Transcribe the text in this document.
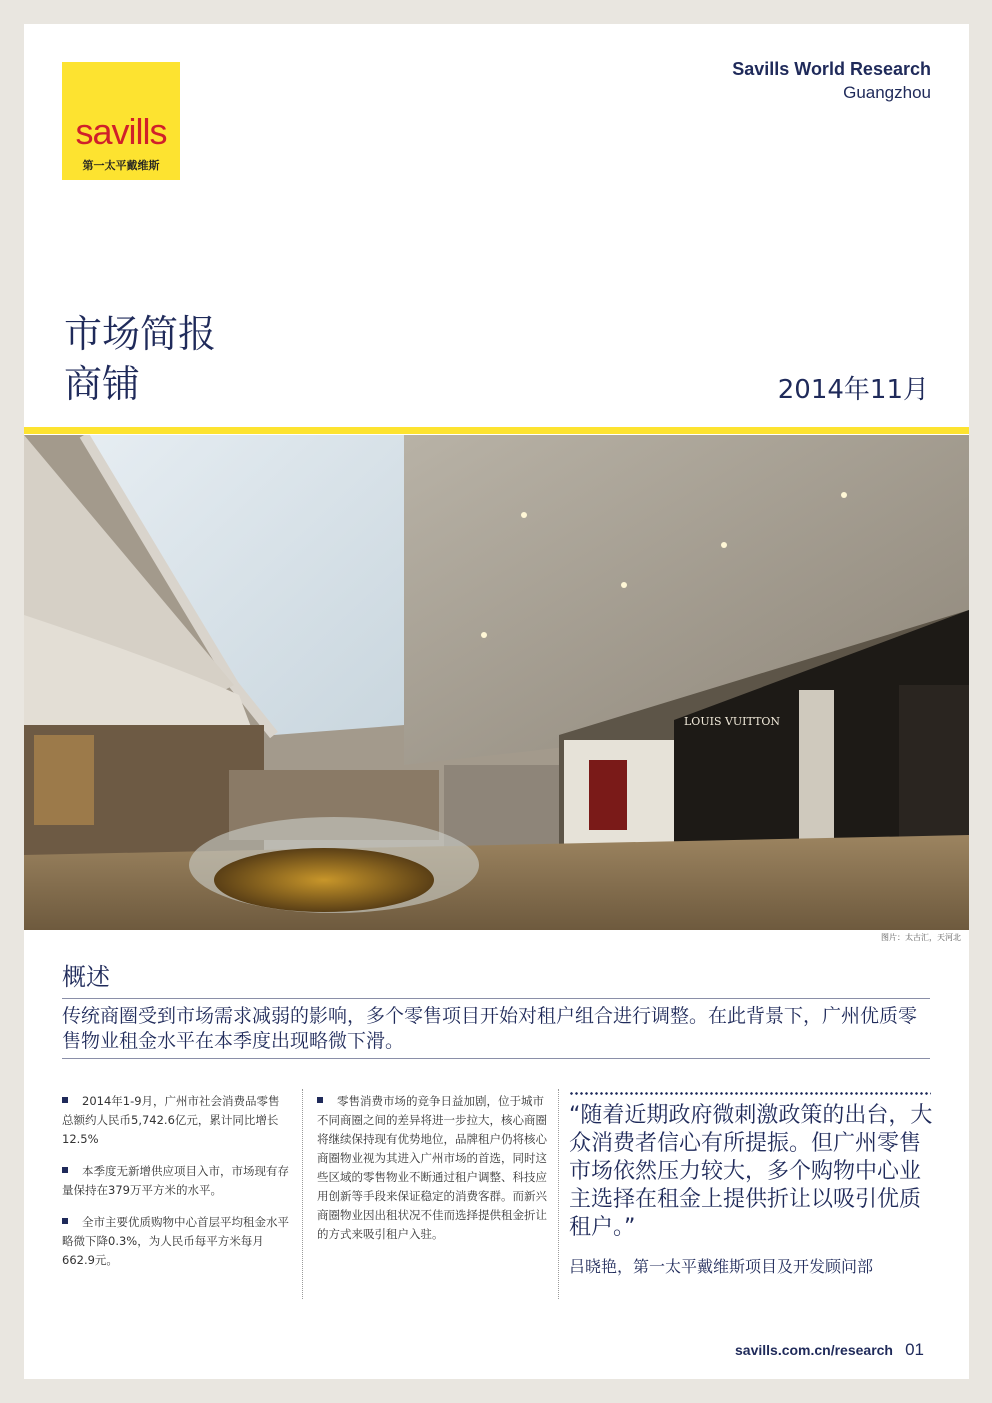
savills
第一太平戴维斯
Savills World Research
Guangzhou
市场简报
商铺	2014年11月
LOUIS VUITTON
图片：太古汇，天河北
概述
传统商圈受到市场需求减弱的影响，多个零售项目开始对租户组合进行调整。在此背景下，广州优质零售物业租金水平在本季度出现略微下滑。
2014年1-9月，广州市社会消费品零售总额约人民币5,742.6亿元，累计同比增长12.5%
本季度无新增供应项目入市，市场现有存量保持在379万平方米的水平。
全市主要优质购物中心首层平均租金水平略微下降0.3%，为人民币每平方米每月662.9元。
零售消费市场的竞争日益加剧，位于城市不同商圈之间的差异将进一步拉大，核心商圈将继续保持现有优势地位，品牌租户仍将核心商圈物业视为其进入广州市场的首选，同时这些区域的零售物业不断通过租户调整、科技应用创新等手段来保证稳定的消费客群。而新兴商圈物业因出租状况不佳而选择提供租金折让的方式来吸引租户入驻。
“随着近期政府微刺激政策的出台，大众消费者信心有所提振。但广州零售市场依然压力较大，多个购物中心业主选择在租金上提供折让以吸引优质租户。”
吕晓艳，第一太平戴维斯项目及开发顾问部
savills.com.cn/research 01
